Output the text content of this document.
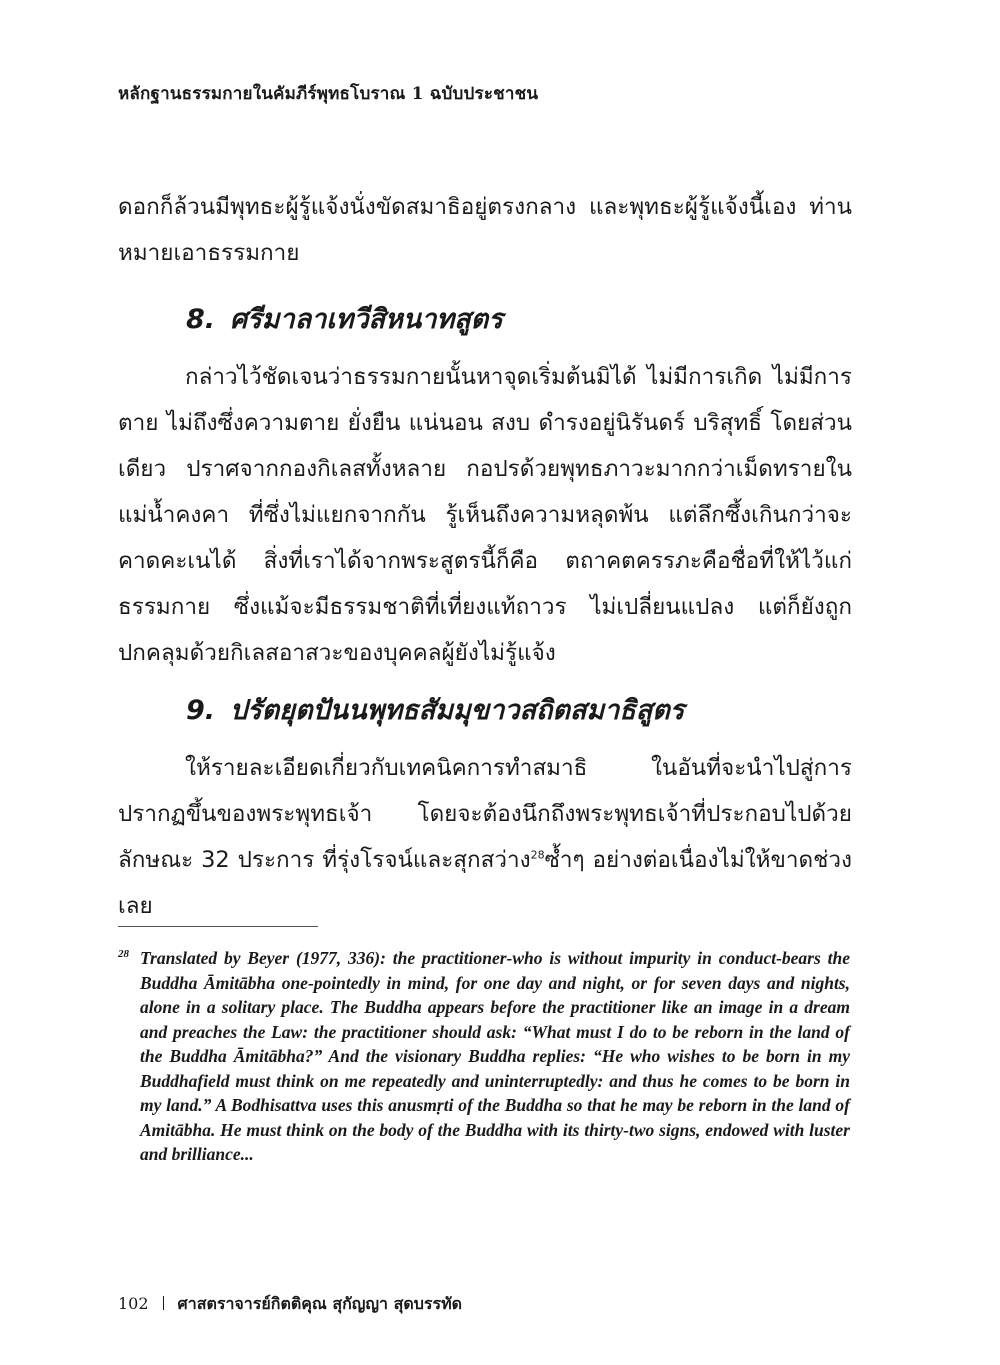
หลักฐานธรรมกายในคัมภีร์พุทธโบราณ 1 ฉบับประชาชน
ดอกก็ล้วนมีพุทธะผู้รู้แจ้งนั่งขัดสมาธิอยู่ตรงกลาง และพุทธะผู้รู้แจ้งนี้เอง ท่านหมายเอาธรรมกาย
8. ศรีมาลาเทวีสิหนาทสูตร
กล่าวไว้ชัดเจนว่าธรรมกายนั้นหาจุดเริ่มต้นมิได้ ไม่มีการเกิด ไม่มีการตาย ไม่ถึงซึ่งความตาย ยั่งยืน แน่นอน สงบ ดำรงอยู่นิรันดร์ บริสุทธิ์ โดยส่วนเดียว ปราศจากกองกิเลสทั้งหลาย กอปรด้วยพุทธภาวะมากกว่าเม็ดทรายในแม่น้ำคงคา ที่ซึ่งไม่แยกจากกัน รู้เห็นถึงความหลุดพ้น แต่ลึกซึ้งเกินกว่าจะคาดคะเนได้ สิ่งที่เราได้จากพระสูตรนี้ก็คือ ตถาคตครรภะคือชื่อที่ให้ไว้แก่ธรรมกาย ซึ่งแม้จะมีธรรมชาติที่เที่ยงแท้ถาวร ไม่เปลี่ยนแปลง แต่ก็ยังถูกปกคลุมด้วยกิเลสอาสวะของบุคคลผู้ยังไม่รู้แจ้ง
9. ปรัตยุตปันนพุทธสัมมุขาวสถิตสมาธิสูตร
ให้รายละเอียดเกี่ยวกับเทคนิคการทำสมาธิ ในอันที่จะนำไปสู่การปรากฏขึ้นของพระพุทธเจ้า โดยจะต้องนึกถึงพระพุทธเจ้าที่ประกอบไปด้วยลักษณะ 32 ประการ ที่รุ่งโรจน์และสุกสว่าง$^{28}$ซ้ำๆ อย่างต่อเนื่องไม่ให้ขาดช่วงเลย
28 Translated by Beyer (1977, 336): the practitioner-who is without impurity in conduct-bears the Buddha Āmitābha one-pointedly in mind, for one day and night, or for seven days and nights, alone in a solitary place. The Buddha appears before the practitioner like an image in a dream and preaches the Law: the practitioner should ask: “What must I do to be reborn in the land of the Buddha Āmitābha?” And the visionary Buddha replies: “He who wishes to be born in my Buddhafield must think on me repeatedly and uninterruptedly: and thus he comes to be born in my land.” A Bodhisattva uses this anusmṛti of the Buddha so that he may be reborn in the land of Amitābha. He must think on the body of the Buddha with its thirty-two signs, endowed with luster and brilliance...
102 ศาสตราจารย์กิตติคุณ สุกัญญา สุดบรรทัด
